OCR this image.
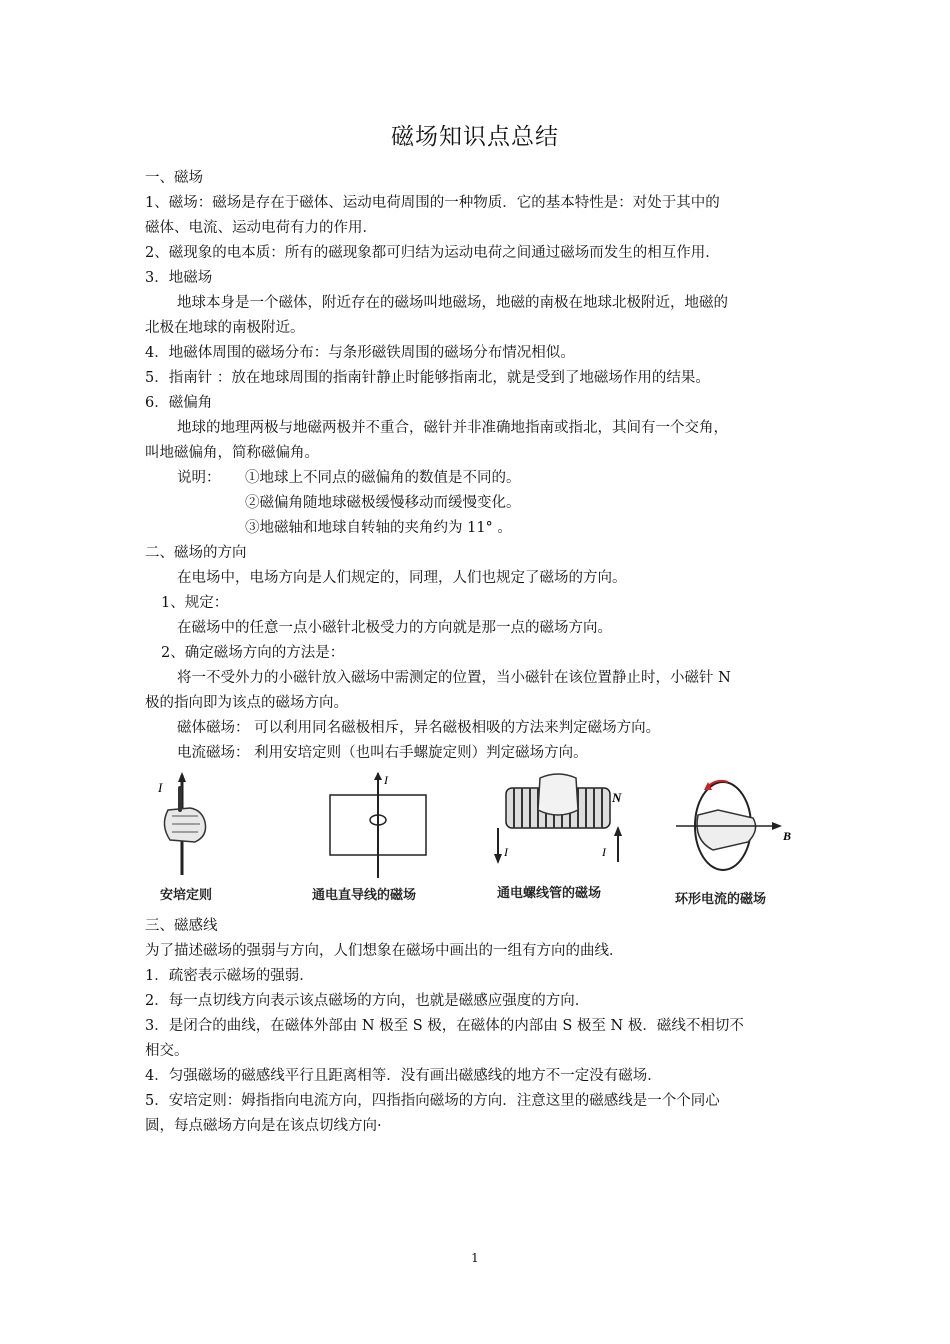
磁场知识点总结
一、磁场
1、磁场：磁场是存在于磁体、运动电荷周围的一种物质．它的基本特性是：对处于其中的
磁体、电流、运动电荷有力的作用．
2、磁现象的电本质：所有的磁现象都可归结为运动电荷之间通过磁场而发生的相互作用．
3．地磁场
地球本身是一个磁体，附近存在的磁场叫地磁场，地磁的南极在地球北极附近，地磁的
北极在地球的南极附近。
4．地磁体周围的磁场分布：与条形磁铁周围的磁场分布情况相似。
5．指南针 ：放在地球周围的指南针静止时能够指南北，就是受到了地磁场作用的结果。
6．磁偏角
地球的地理两极与地磁两极并不重合，磁针并非准确地指南或指北，其间有一个交角，
叫地磁偏角，简称磁偏角。
说明： ①地球上不同点的磁偏角的数值是不同的。
②磁偏角随地球磁极缓慢移动而缓慢变化。
③地磁轴和地球自转轴的夹角约为 11° 。
二、磁场的方向
在电场中，电场方向是人们规定的，同理，人们也规定了磁场的方向。
1、规定：
在磁场中的任意一点小磁针北极受力的方向就是那一点的磁场方向。
2、确定磁场方向的方法是：
将一不受外力的小磁针放入磁场中需测定的位置，当小磁针在该位置静止时，小磁针 N
极的指向即为该点的磁场方向。
磁体磁场： 可以利用同名磁极相斥，异名磁极相吸的方法来判定磁场方向。
电流磁场： 利用安培定则（也叫右手螺旋定则）判定磁场方向。
I
安培定则
I
通电直导线的磁场
N
I	I
通电螺线管的磁场
B
环形电流的磁场
三、磁感线
为了描述磁场的强弱与方向，人们想象在磁场中画出的一组有方向的曲线．
1．疏密表示磁场的强弱．
2．每一点切线方向表示该点磁场的方向，也就是磁感应强度的方向．
3．是闭合的曲线，在磁体外部由 N 极至 S 极，在磁体的内部由 S 极至 N 极．磁线不相切不
相交。
4．匀强磁场的磁感线平行且距离相等．没有画出磁感线的地方不一定没有磁场．
5．安培定则：姆指指向电流方向，四指指向磁场的方向．注意这里的磁感线是一个个同心
圆，每点磁场方向是在该点切线方向·
1
